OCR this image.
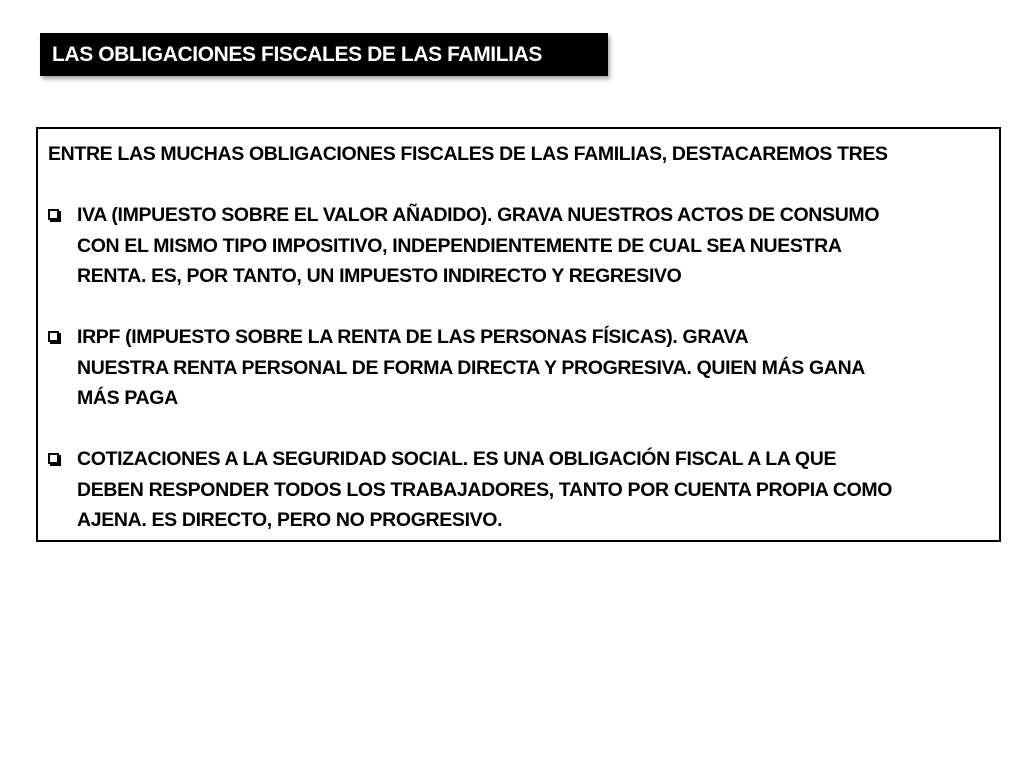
LAS OBLIGACIONES FISCALES DE LAS FAMILIAS
ENTRE LAS MUCHAS OBLIGACIONES FISCALES DE LAS FAMILIAS, DESTACAREMOS TRES
IVA (IMPUESTO SOBRE EL VALOR AÑADIDO). GRAVA NUESTROS ACTOS DE CONSUMO
CON EL MISMO TIPO IMPOSITIVO, INDEPENDIENTEMENTE DE CUAL SEA NUESTRA
RENTA. ES, POR TANTO, UN IMPUESTO INDIRECTO Y REGRESIVO
IRPF (IMPUESTO SOBRE LA RENTA DE LAS PERSONAS FÍSICAS). GRAVA
NUESTRA RENTA PERSONAL DE FORMA DIRECTA Y PROGRESIVA. QUIEN MÁS GANA
MÁS PAGA
COTIZACIONES A LA SEGURIDAD SOCIAL. ES UNA OBLIGACIÓN FISCAL A LA QUE
DEBEN RESPONDER TODOS LOS TRABAJADORES, TANTO POR CUENTA PROPIA COMO
AJENA. ES DIRECTO, PERO NO PROGRESIVO.
